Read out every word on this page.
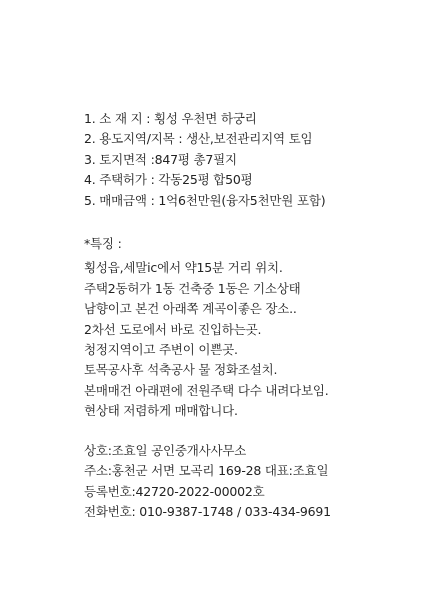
1. 소 재 지 : 횡성 우천면 하궁리
2. 용도지역/지목 : 생산,보전관리지역 토임
3. 토지면적 :847평 총7필지
4. 주택허가 : 각동25평 합50평
5. 매매금액 : 1억6천만원(융자5천만원 포함)
*특징 :
횡성읍,세말ic에서 약15분 거리 위치.
주택2동허가 1동 건축중 1동은 기소상태
남향이고 본건 아래쪽 계곡이좋은 장소..
2차선 도로에서 바로 진입하는곳.
청정지역이고 주변이 이쁜곳.
토목공사후 석축공사 물 정화조설치.
본매매건 아래편에 전원주택 다수 내려다보임.
현상태 저렴하게 매매합니다.
상호:조효일 공인중개사사무소
주소:홍천군 서면 모곡리 169-28 대표:조효일
등록번호:42720-2022-00002호
전화번호: 010-9387-1748 / 033-434-9691
